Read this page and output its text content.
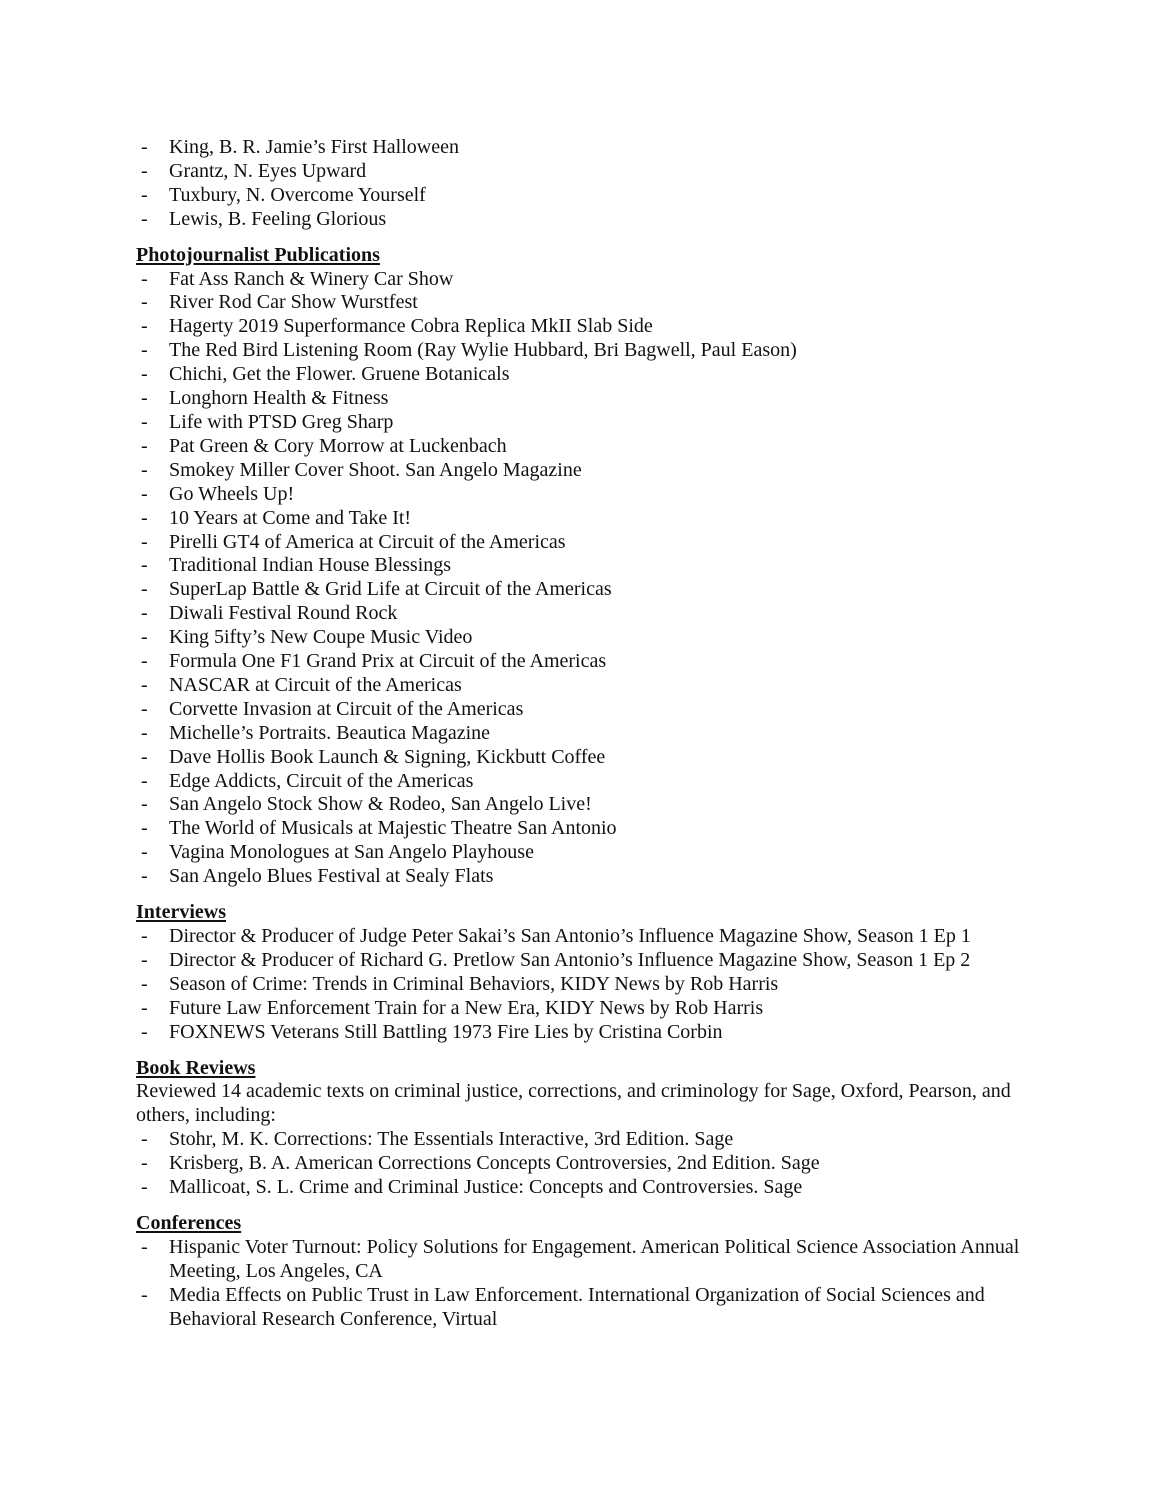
- King, B. R. Jamie’s First Halloween
- Grantz, N. Eyes Upward
- Tuxbury, N. Overcome Yourself
- Lewis, B. Feeling Glorious

Photojournalist Publications

- Fat Ass Ranch & Winery Car Show
- River Rod Car Show Wurstfest
- Hagerty 2019 Superformance Cobra Replica MkII Slab Side
- The Red Bird Listening Room (Ray Wylie Hubbard, Bri Bagwell, Paul Eason)
- Chichi, Get the Flower. Gruene Botanicals
- Longhorn Health & Fitness
- Life with PTSD Greg Sharp
- Pat Green & Cory Morrow at Luckenbach
- Smokey Miller Cover Shoot. San Angelo Magazine
- Go Wheels Up!
- 10 Years at Come and Take It!
- Pirelli GT4 of America at Circuit of the Americas
- Traditional Indian House Blessings
- SuperLap Battle & Grid Life at Circuit of the Americas
- Diwali Festival Round Rock
- King 5ifty’s New Coupe Music Video
- Formula One F1 Grand Prix at Circuit of the Americas
- NASCAR at Circuit of the Americas
- Corvette Invasion at Circuit of the Americas
- Michelle’s Portraits. Beautica Magazine
- Dave Hollis Book Launch & Signing, Kickbutt Coffee
- Edge Addicts, Circuit of the Americas
- San Angelo Stock Show & Rodeo, San Angelo Live!
- The World of Musicals at Majestic Theatre San Antonio
- Vagina Monologues at San Angelo Playhouse
- San Angelo Blues Festival at Sealy Flats

Interviews

- Director & Producer of Judge Peter Sakai’s San Antonio’s Influence Magazine Show, Season 1 Ep 1
- Director & Producer of Richard G. Pretlow San Antonio’s Influence Magazine Show, Season 1 Ep 2
- Season of Crime: Trends in Criminal Behaviors, KIDY News by Rob Harris
- Future Law Enforcement Train for a New Era, KIDY News by Rob Harris
- FOXNEWS Veterans Still Battling 1973 Fire Lies by Cristina Corbin

Book Reviews

Reviewed 14 academic texts on criminal justice, corrections, and criminology for Sage, Oxford, Pearson, and others, including:

- Stohr, M. K. Corrections: The Essentials Interactive, 3rd Edition. Sage
- Krisberg, B. A. American Corrections Concepts Controversies, 2nd Edition. Sage
- Mallicoat, S. L. Crime and Criminal Justice: Concepts and Controversies. Sage

Conferences

- Hispanic Voter Turnout: Policy Solutions for Engagement. American Political Science Association Annual Meeting, Los Angeles, CA
- Media Effects on Public Trust in Law Enforcement. International Organization of Social Sciences and Behavioral Research Conference, Virtual
